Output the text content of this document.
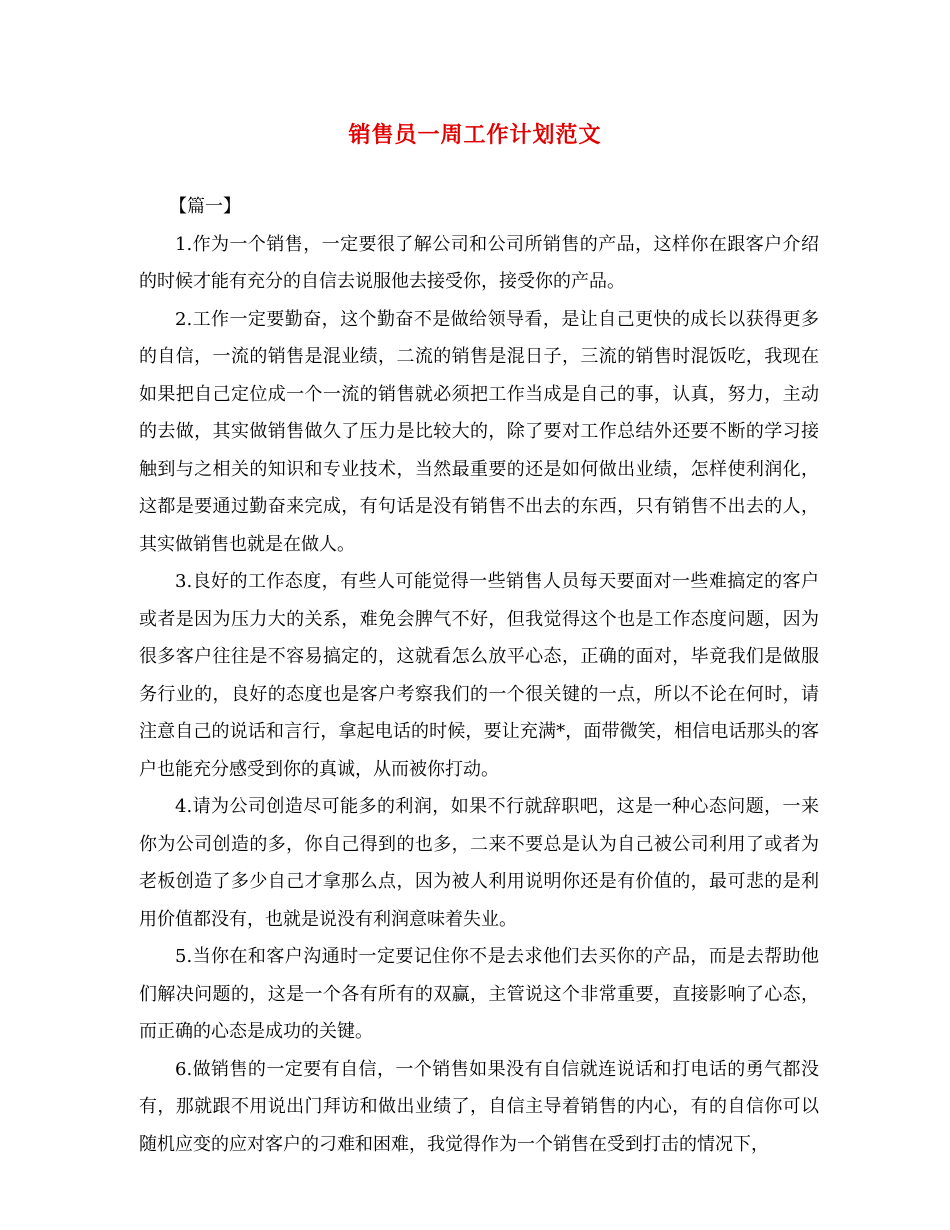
销售员一周工作计划范文

【篇一】

1.作为一个销售，一定要很了解公司和公司所销售的产品，这样你在跟客户介绍的时候才能有充分的自信去说服他去接受你，接受你的产品。

2.工作一定要勤奋，这个勤奋不是做给领导看，是让自己更快的成长以获得更多的自信，一流的销售是混业绩，二流的销售是混日子，三流的销售时混饭吃，我现在如果把自己定位成一个一流的销售就必须把工作当成是自己的事，认真，努力，主动的去做，其实做销售做久了压力是比较大的，除了要对工作总结外还要不断的学习接触到与之相关的知识和专业技术，当然最重要的还是如何做出业绩，怎样使利润化，这都是要通过勤奋来完成，有句话是没有销售不出去的东西，只有销售不出去的人，其实做销售也就是在做人。

3.良好的工作态度，有些人可能觉得一些销售人员每天要面对一些难搞定的客户或者是因为压力大的关系，难免会脾气不好，但我觉得这个也是工作态度问题，因为很多客户往往是不容易搞定的，这就看怎么放平心态，正确的面对，毕竟我们是做服务行业的，良好的态度也是客户考察我们的一个很关键的一点，所以不论在何时，请注意自己的说话和言行，拿起电话的时候，要让充满*，面带微笑，相信电话那头的客户也能充分感受到你的真诚，从而被你打动。

4.请为公司创造尽可能多的利润，如果不行就辞职吧，这是一种心态问题，一来你为公司创造的多，你自己得到的也多，二来不要总是认为自己被公司利用了或者为老板创造了多少自己才拿那么点，因为被人利用说明你还是有价值的，最可悲的是利用价值都没有，也就是说没有利润意味着失业。

5.当你在和客户沟通时一定要记住你不是去求他们去买你的产品，而是去帮助他们解决问题的，这是一个各有所有的双赢，主管说这个非常重要，直接影响了心态，而正确的心态是成功的关键。

6.做销售的一定要有自信，一个销售如果没有自信就连说话和打电话的勇气都没有，那就跟不用说出门拜访和做出业绩了，自信主导着销售的内心，有的自信你可以随机应变的应对客户的刁难和困难，我觉得作为一个销售在受到打击的情况下，
